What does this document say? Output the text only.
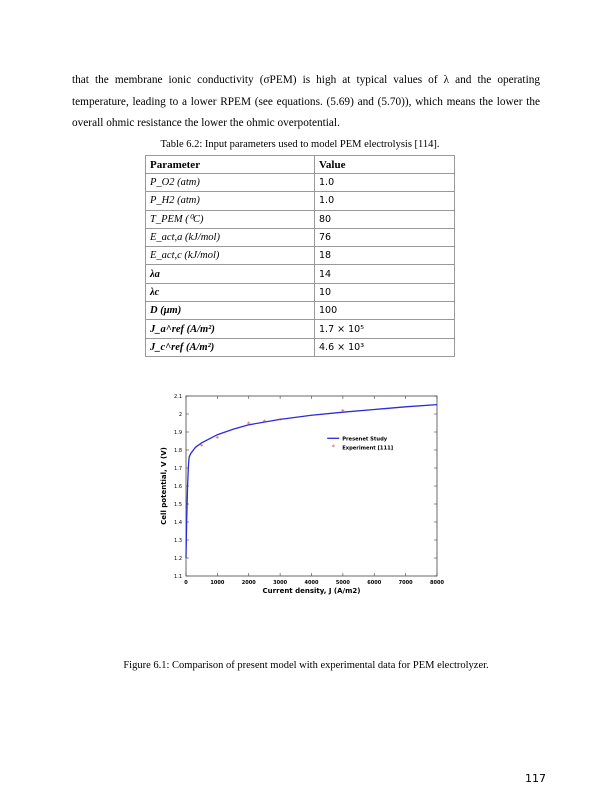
that the membrane ionic conductivity (σPEM) is high at typical values of λ and the operating temperature, leading to a lower RPEM (see equations. (5.69) and (5.70)), which means the lower the overall ohmic resistance the lower the ohmic overpotential.

Table 6.2: Input parameters used to model PEM electrolysis [114].
Parameter	Value
P_O2 (atm)	1.0
P_H2 (atm)	1.0
T_PEM (⁰C)	80
E_act,a (kJ/mol)	76
E_act,c (kJ/mol)	18
λa	14
λc	10
D (μm)	100
J_a^ref (A/m²)	1.7 × 10⁵
J_c^ref (A/m²)	4.6 × 10³
0	1000	2000	3000	4000	5000	6000	7000	8000
1.1
1.2
1.3
1.4
1.5
1.6
1.7
1.8
1.9
2
2.1
Current density, J (A/m2)
Cell potential, V (V)
*
*
* * *
*
Presenet Study
* Experiment [111]
Figure 6.1: Comparison of present model with experimental data for PEM electrolyzer.
117
